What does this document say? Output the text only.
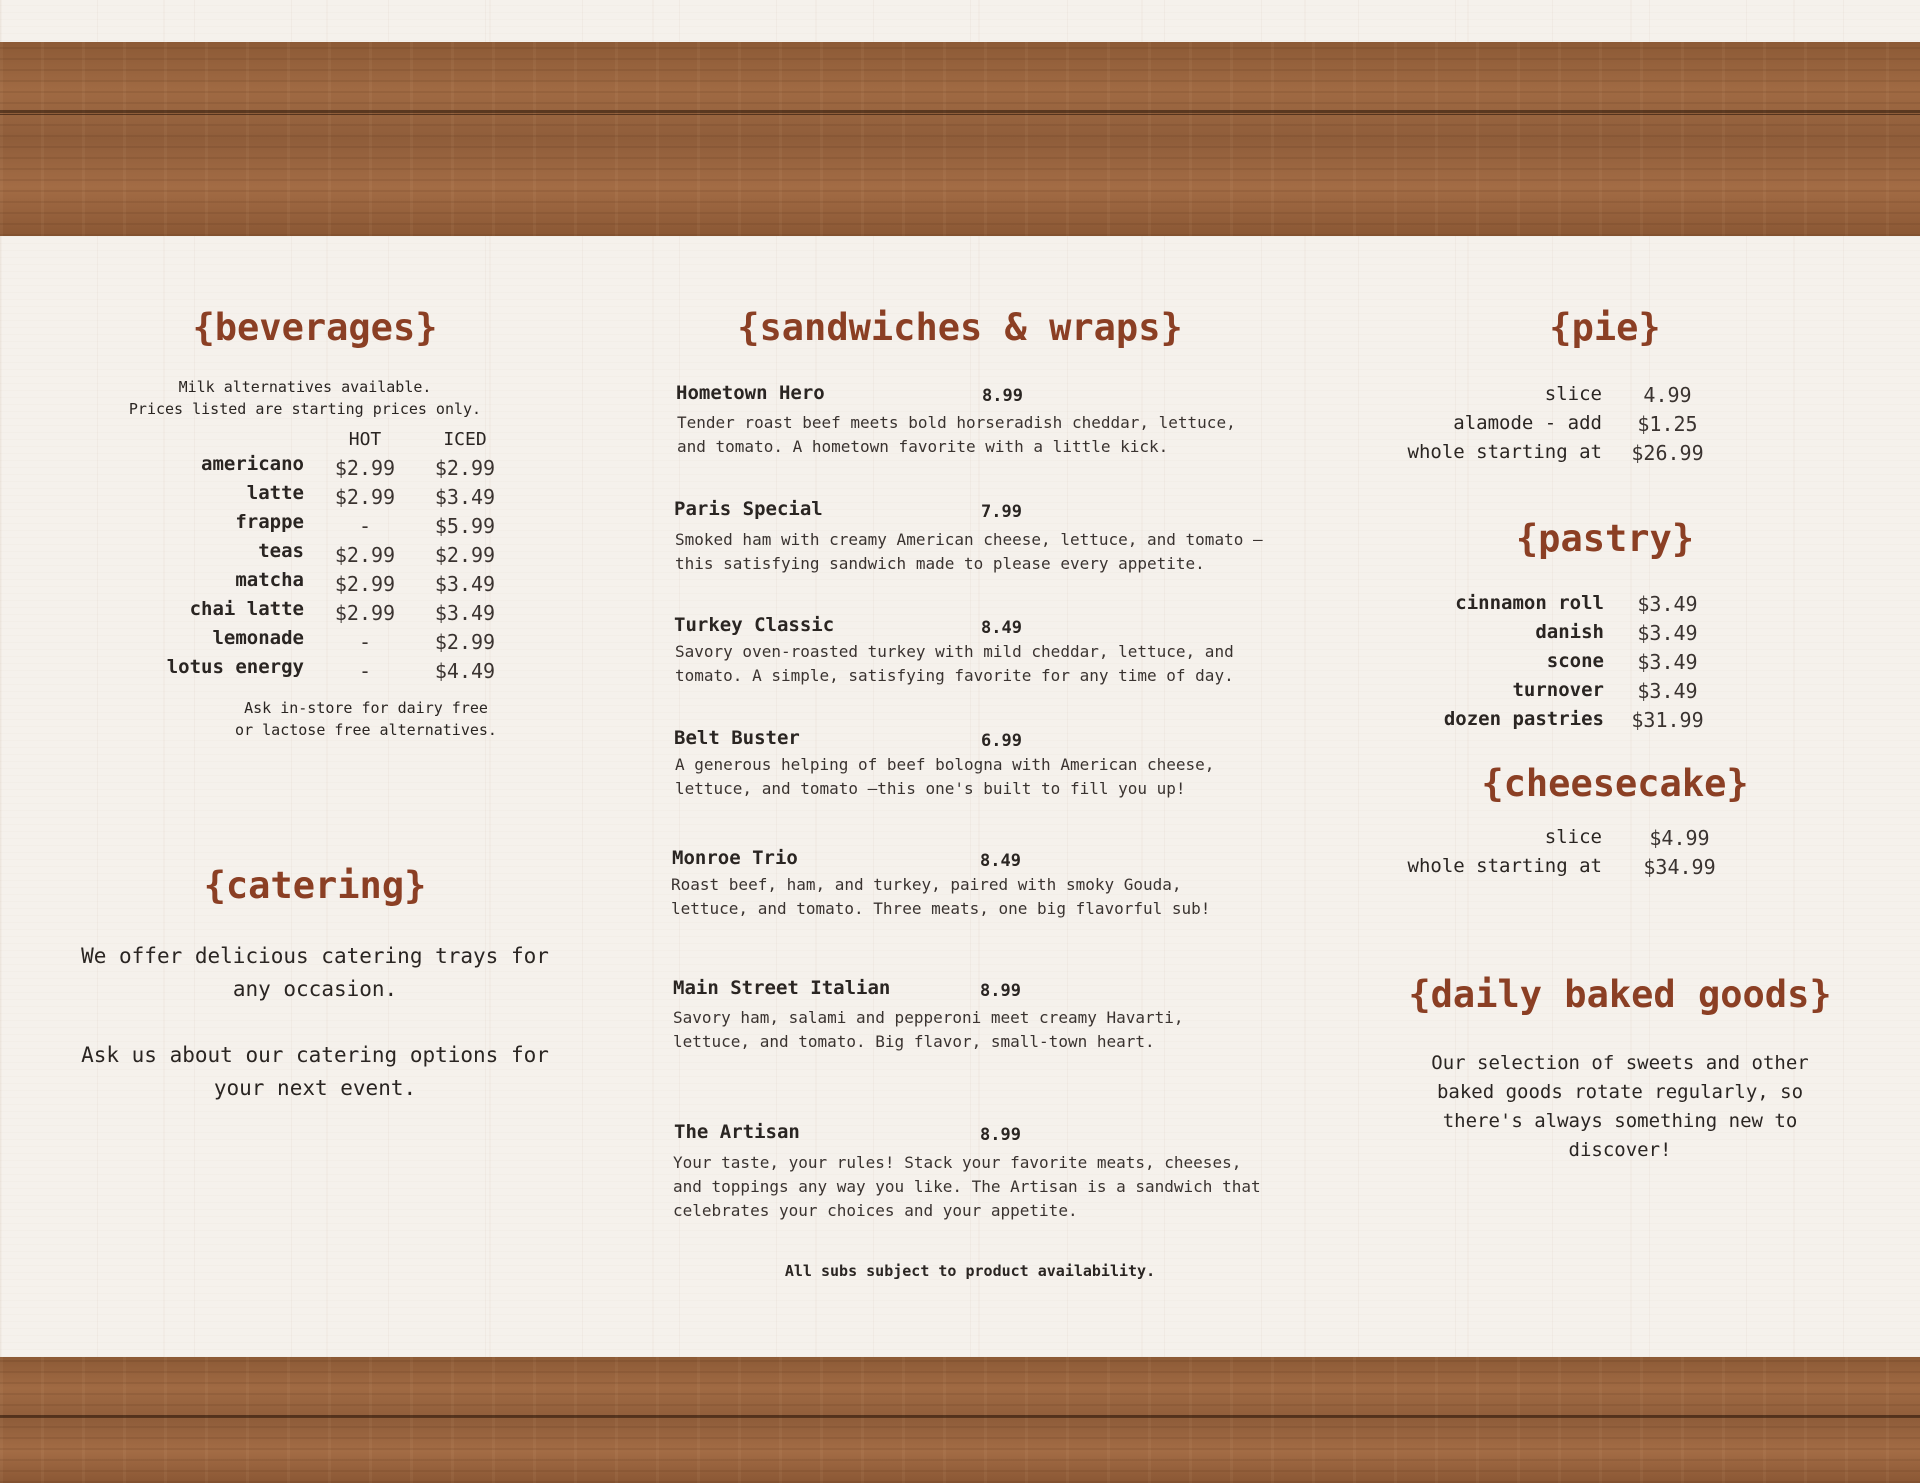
{beverages}
Milk alternatives available.
Prices listed are starting prices only.
HOT	ICED
americano	$2.99	$2.99
latte	$2.99	$3.49
frappe	-	$5.99
teas	$2.99	$2.99
matcha	$2.99	$3.49
chai latte	$2.99	$3.49
lemonade	-	$2.99
lotus energy	-	$4.49
Ask in-store for dairy free
or lactose free alternatives.
{catering}
We offer delicious catering trays for
any occasion.
Ask us about our catering options for
your next event.
{sandwiches & wraps}
Hometown Hero	8.99
Tender roast beef meets bold horseradish cheddar, lettuce, and tomato. A hometown favorite with a little kick.
Paris Special	7.99
Smoked ham with creamy American cheese, lettuce, and tomato —this satisfying sandwich made to please every appetite.
Turkey Classic	8.49
Savory oven-roasted turkey with mild cheddar, lettuce, and tomato. A simple, satisfying favorite for any time of day.
Belt Buster	6.99
A generous helping of beef bologna with American cheese, lettuce, and tomato —this one's built to fill you up!
Monroe Trio	8.49
Roast beef, ham, and turkey, paired with smoky Gouda, lettuce, and tomato. Three meats, one big flavorful sub!
Main Street Italian	8.99
Savory ham, salami and pepperoni meet creamy Havarti, lettuce, and tomato. Big flavor, small-town heart.
The Artisan	8.99
Your taste, your rules! Stack your favorite meats, cheeses, and toppings any way you like. The Artisan is a sandwich that celebrates your choices and your appetite.
All subs subject to product availability.
{pie}
slice	4.99
alamode - add	$1.25
whole starting at	$26.99
{pastry}
cinnamon roll	$3.49
danish	$3.49
scone	$3.49
turnover	$3.49
dozen pastries	$31.99
{cheesecake}
slice	$4.99
whole starting at	$34.99
{daily baked goods}
Our selection of sweets and other
baked goods rotate regularly, so
there's always something new to
discover!
